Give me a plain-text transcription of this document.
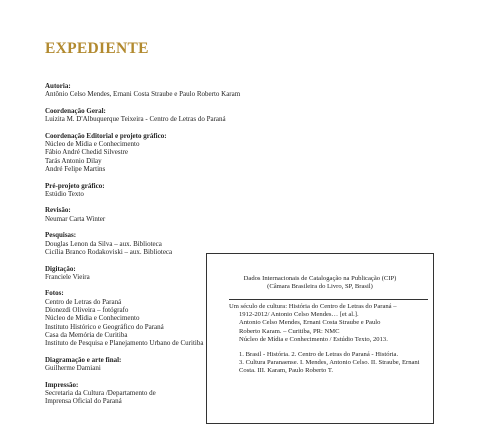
EXPEDIENTE
Autoria:
Antônio Celso Mendes, Ernani Costa Straube e Paulo Roberto Karam
Coordenação Geral:
Luizita M. D'Albuquerque Teixeira - Centro de Letras do Paraná
Coordenação Editorial e projeto gráfico:
Núcleo de Mídia e Conhecimento
Fábio André Chedid Silvestre
Tarás Antonio Dilay
André Felipe Martins
Pré-projeto gráfico:
Estúdio Texto
Revisão:
Neumar Carta Winter
Pesquisas:
Douglas Lenon da Silva – aux. Biblioteca
Cicília Branco Rodakoviski – aux. Biblioteca
Digitação:
Franciele Vieira
Fotos:
Centro de Letras do Paraná
Dionezdi Oliveira – fotógrafo
Núcleo de Mídia e Conhecimento
Instituto Histórico e Geográfico do Paraná
Casa da Memória de Curitiba
Instituto de Pesquisa e Planejamento Urbano de Curitiba
Diagramação e arte final:
Guilherme Damiani
Impressão:
Secretaria da Cultura /Departamento de
Imprensa Oficial do Paraná
Dados Internacionais de Catalogação na Publicação (CIP)
(Câmara Brasileira do Livro, SP, Brasil)
Um século de cultura: História do Centro de Letras do Paraná –
1912-2012/ Antonio Celso Mendes… [et al.].
Antonio Celso Mendes, Ernani Costa Straube e Paulo
Roberto Karam. – Curitiba, PR: NMC
Núcleo de Mídia e Conhecimento / Estúdio Texto, 2013.
1. Brasil - História. 2. Centro de Letras do Paraná - História.
3. Cultura Paranaense. I. Mendes, Antonio Celso. II. Straube, Ernani
Costa. III. Karam, Paulo Roberto T.
